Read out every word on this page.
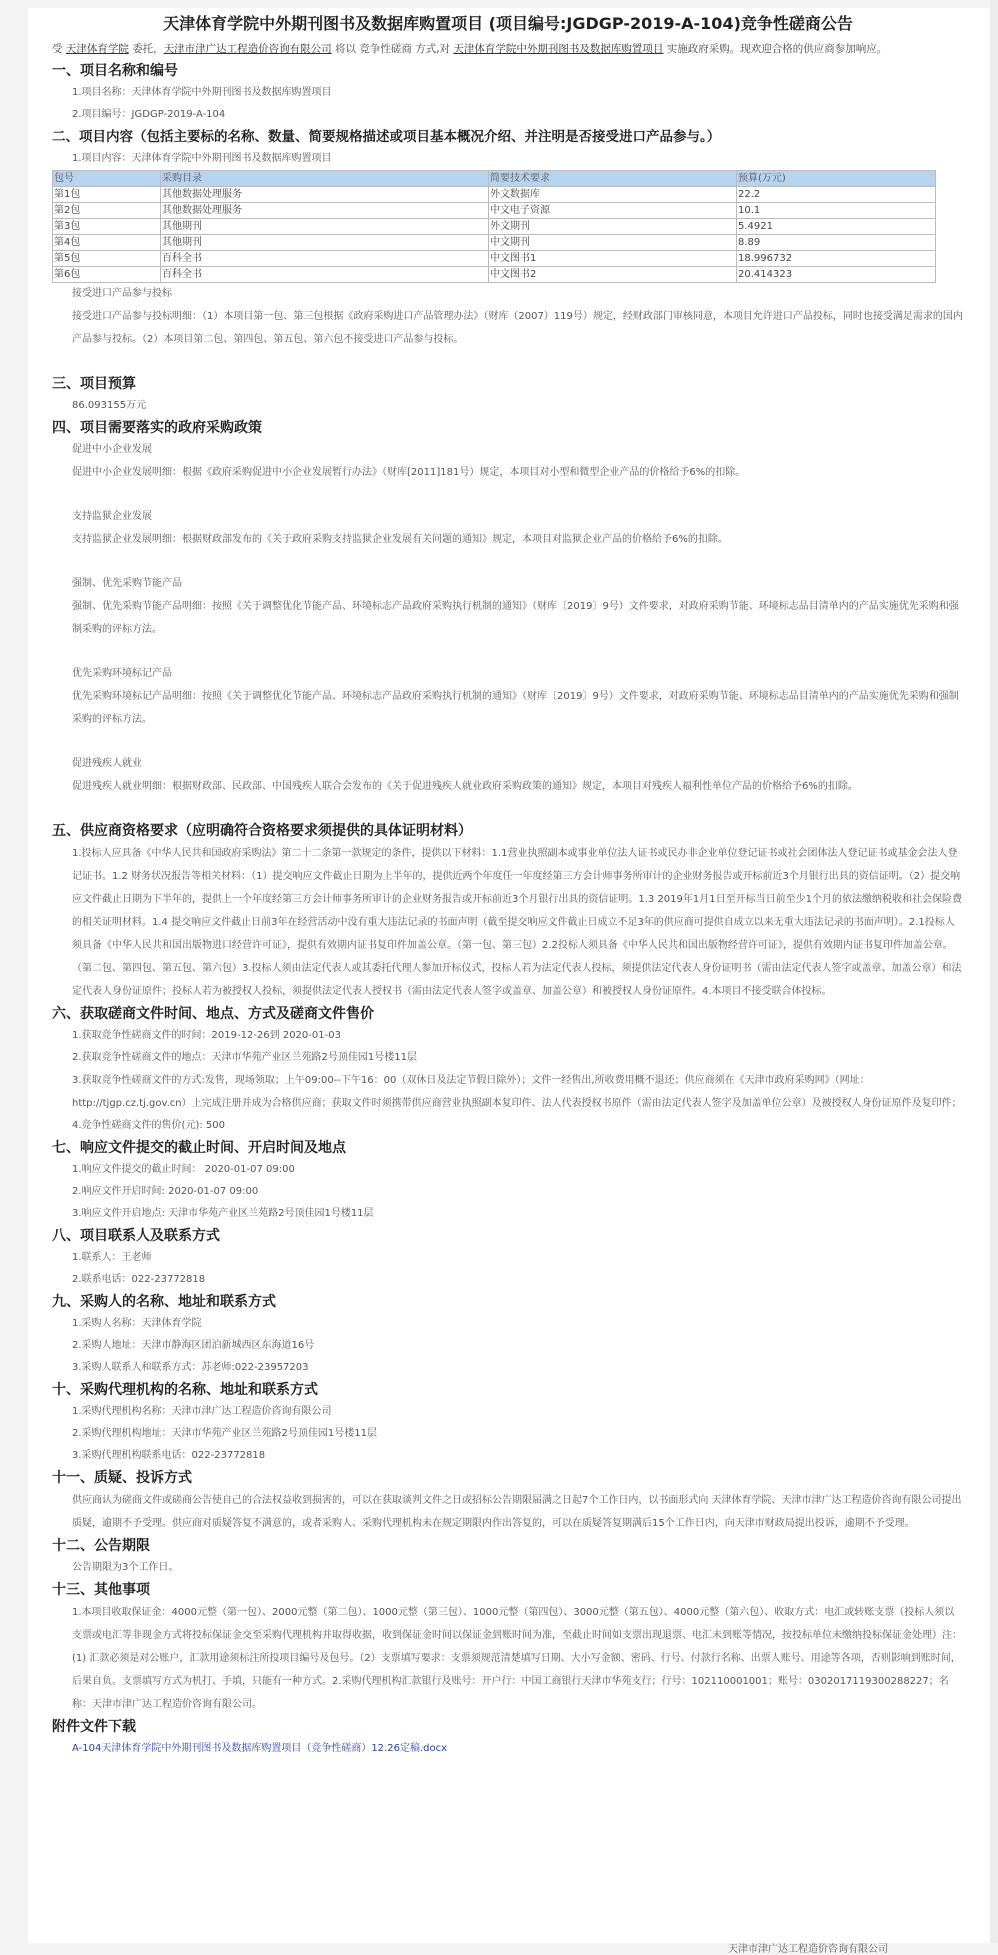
天津体育学院中外期刊图书及数据库购置项目 (项目编号:JGDGP-2019-A-104)竞争性磋商公告

受 天津体育学院 委托，天津市津广达工程造价咨询有限公司 将以 竞争性磋商 方式,对 天津体育学院中外期刊图书及数据库购置项目 实施政府采购。现欢迎合格的供应商参加响应。

一、项目名称和编号

1.项目名称：天津体育学院中外期刊图书及数据库购置项目

2.项目编号：JGDGP-2019-A-104

二、项目内容（包括主要标的名称、数量、简要规格描述或项目基本概况介绍、并注明是否接受进口产品参与。）

1.项目内容：天津体育学院中外期刊图书及数据库购置项目

包号	采购目录	简要技术要求	预算(万元)
第1包	其他数据处理服务	外文数据库	22.2
第2包	其他数据处理服务	中文电子资源	10.1
第3包	其他期刊	外文期刊	5.4921
第4包	其他期刊	中文期刊	8.89
第5包	百科全书	中文图书1	18.996732
第6包	百科全书	中文图书2	20.414323

接受进口产品参与投标

接受进口产品参与投标明细：（1）本项目第一包、第三包根据《政府采购进口产品管理办法》（财库（2007）119号）规定，经财政部门审核同意，本项目允许进口产品投标，同时也接受满足需求的国内产品参与投标。（2）本项目第二包、第四包、第五包、第六包不接受进口产品参与投标。

三、项目预算

86.093155万元

四、项目需要落实的政府采购政策

促进中小企业发展

促进中小企业发展明细：根据《政府采购促进中小企业发展暂行办法》（财库[2011]181号）规定，本项目对小型和微型企业产品的价格给予6%的扣除。

支持监狱企业发展

支持监狱企业发展明细：根据财政部发布的《关于政府采购支持监狱企业发展有关问题的通知》规定，本项目对监狱企业产品的价格给予6%的扣除。

强制、优先采购节能产品

强制、优先采购节能产品明细：按照《关于调整优化节能产品、环境标志产品政府采购执行机制的通知》（财库〔2019〕9号）文件要求，对政府采购节能、环境标志品目清单内的产品实施优先采购和强制采购的评标方法。

优先采购环境标记产品

优先采购环境标记产品明细：按照《关于调整优化节能产品、环境标志产品政府采购执行机制的通知》（财库〔2019〕9号）文件要求，对政府采购节能、环境标志品目清单内的产品实施优先采购和强制采购的评标方法。

促进残疾人就业

促进残疾人就业明细：根据财政部、民政部、中国残疾人联合会发布的《关于促进残疾人就业政府采购政策的通知》规定，本项目对残疾人福利性单位产品的价格给予6%的扣除。

五、供应商资格要求（应明确符合资格要求须提供的具体证明材料）

1.投标人应具备《中华人民共和国政府采购法》第二十二条第一款规定的条件，提供以下材料：1.1营业执照副本或事业单位法人证书或民办非企业单位登记证书或社会团体法人登记证书或基金会法人登记证书。1.2 财务状况报告等相关材料：（1）提交响应文件截止日期为上半年的，提供近两个年度任一年度经第三方会计师事务所审计的企业财务报告或开标前近3个月银行出具的资信证明。（2）提交响应文件截止日期为下半年的，提供上一个年度经第三方会计师事务所审计的企业财务报告或开标前近3个月银行出具的资信证明。1.3 2019年1月1日至开标当日前至少1个月的依法缴纳税收和社会保险费的相关证明材料。1.4 提交响应文件截止日前3年在经营活动中没有重大违法记录的书面声明（截至提交响应文件截止日成立不足3年的供应商可提供自成立以来无重大违法记录的书面声明）。2.1投标人须具备《中华人民共和国出版物进口经营许可证》，提供有效期内证书复印件加盖公章。（第一包、第三包）2.2投标人须具备《中华人民共和国出版物经营许可证》，提供有效期内证书复印件加盖公章。（第二包、第四包、第五包、第六包）3.投标人须由法定代表人或其委托代理人参加开标仪式，投标人若为法定代表人投标，须提供法定代表人身份证明书（需由法定代表人签字或盖章、加盖公章）和法定代表人身份证原件；投标人若为被授权人投标，须提供法定代表人授权书（需由法定代表人签字或盖章、加盖公章）和被授权人身份证原件。4.本项目不接受联合体投标。

六、获取磋商文件时间、地点、方式及磋商文件售价

1.获取竞争性磋商文件的时间：2019-12-26到 2020-01-03

2.获取竞争性磋商文件的地点：天津市华苑产业区兰苑路2号顶佳园1号楼11层

3.获取竞争性磋商文件的方式:发售，现场领取；上午09:00--下午16：00（双休日及法定节假日除外）；文件一经售出,所收费用概不退还；供应商须在《天津市政府采购网》（网址：http://tjgp.cz.tj.gov.cn）上完成注册并成为合格供应商；获取文件时须携带供应商营业执照副本复印件、法人代表授权书原件（需由法定代表人签字及加盖单位公章）及被授权人身份证原件及复印件；

4.竞争性磋商文件的售价(元): 500

七、响应文件提交的截止时间、开启时间及地点

1.响应文件提交的截止时间： 2020-01-07 09:00

2.响应文件开启时间: 2020-01-07 09:00

3.响应文件开启地点: 天津市华苑产业区兰苑路2号顶佳园1号楼11层

八、项目联系人及联系方式

1.联系人：王老师

2.联系电话：022-23772818

九、采购人的名称、地址和联系方式

1.采购人名称：天津体育学院

2.采购人地址：天津市静海区团泊新城西区东海道16号

3.采购人联系人和联系方式：苏老师:022-23957203

十、采购代理机构的名称、地址和联系方式

1.采购代理机构名称：天津市津广达工程造价咨询有限公司

2.采购代理机构地址：天津市华苑产业区兰苑路2号顶佳园1号楼11层

3.采购代理机构联系电话：022-23772818

十一、质疑、投诉方式

供应商认为磋商文件或磋商公告使自己的合法权益收到损害的，可以在获取谈判文件之日或招标公告期限届满之日起7个工作日内，以书面形式向 天津体育学院、天津市津广达工程造价咨询有限公司提出质疑，逾期不予受理。供应商对质疑答复不满意的，或者采购人、采购代理机构未在规定期限内作出答复的，可以在质疑答复期满后15个工作日内，向天津市财政局提出投诉，逾期不予受理。

十二、公告期限

公告期限为3个工作日。

十三、其他事项

1.本项目收取保证金：4000元整（第一包）、2000元整（第二包）、1000元整（第三包）、1000元整（第四包）、3000元整（第五包）、4000元整（第六包）、收取方式：电汇或转账支票（投标人须以支票或电汇等非现金方式将投标保证金交至采购代理机构并取得收据，收到保证金时间以保证金到账时间为准，至截止时间如支票出现退票、电汇未到账等情况，按投标单位未缴纳投标保证金处理）注：(1) 汇款必须是对公账户，汇款用途须标注所投项目编号及包号。（2）支票填写要求：支票须规范清楚填写日期、大小写金额、密码、行号、付款行名称、出票人账号、用途等各项，否则影响到账时间，后果自负。支票填写方式为机打、手填，只能有一种方式。2.采购代理机构汇款银行及账号：开户行：中国工商银行天津市华苑支行；行号：102110001001；账号：0302017119300288227；名称：天津市津广达工程造价咨询有限公司。

附件文件下载
A-104天津体育学院中外期刊图书及数据库购置项目（竞争性磋商）12.26定稿.docx
天津市津广达工程造价咨询有限公司
